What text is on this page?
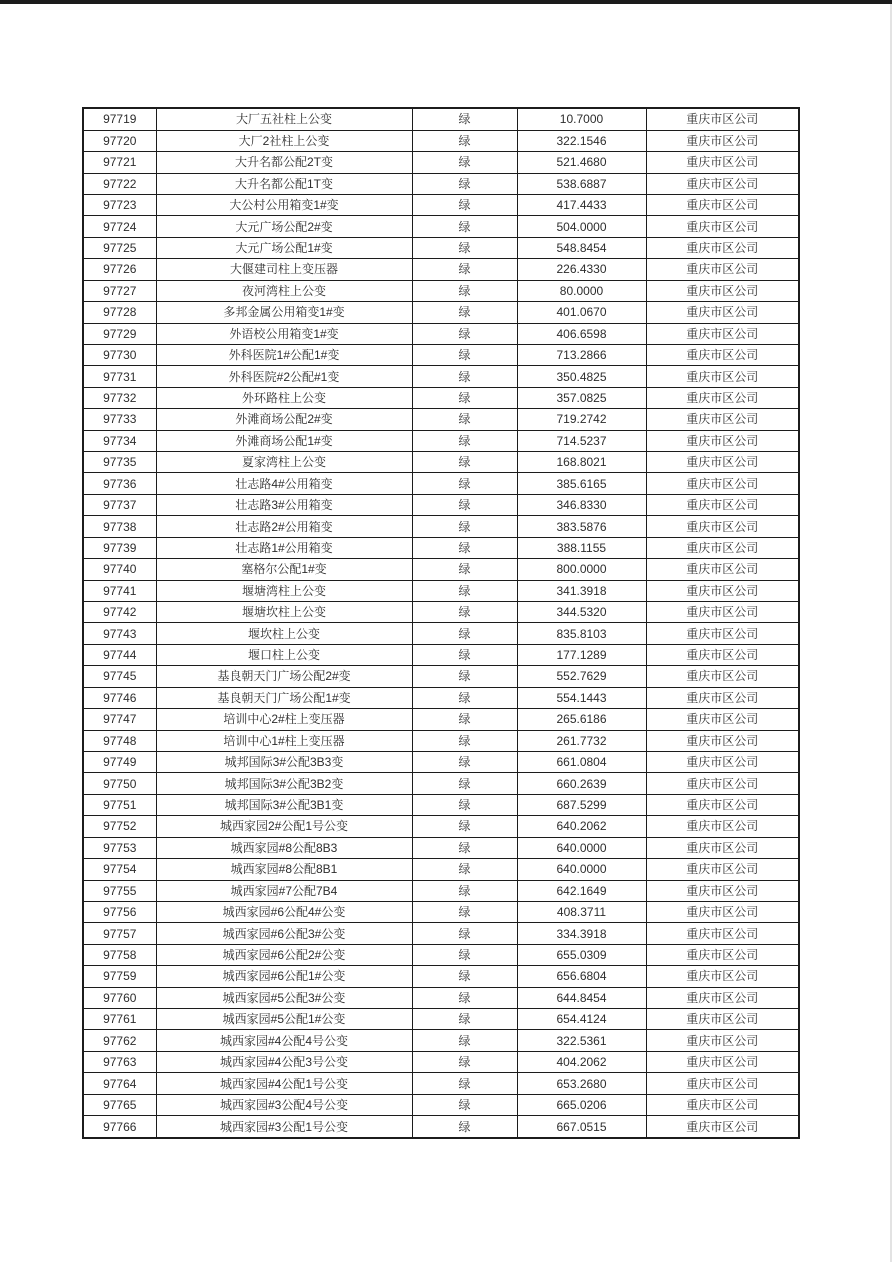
97719	大厂五社柱上公变	绿	10.7000	重庆市区公司
97720	大厂2社柱上公变	绿	322.1546	重庆市区公司
97721	大升名都公配2T变	绿	521.4680	重庆市区公司
97722	大升名都公配1T变	绿	538.6887	重庆市区公司
97723	大公村公用箱变1#变	绿	417.4433	重庆市区公司
97724	大元广场公配2#变	绿	504.0000	重庆市区公司
97725	大元广场公配1#变	绿	548.8454	重庆市区公司
97726	大偃建司柱上变压器	绿	226.4330	重庆市区公司
97727	夜河湾柱上公变	绿	80.0000	重庆市区公司
97728	多邦金属公用箱变1#变	绿	401.0670	重庆市区公司
97729	外语校公用箱变1#变	绿	406.6598	重庆市区公司
97730	外科医院1#公配1#变	绿	713.2866	重庆市区公司
97731	外科医院#2公配#1变	绿	350.4825	重庆市区公司
97732	外环路柱上公变	绿	357.0825	重庆市区公司
97733	外滩商场公配2#变	绿	719.2742	重庆市区公司
97734	外滩商场公配1#变	绿	714.5237	重庆市区公司
97735	夏家湾柱上公变	绿	168.8021	重庆市区公司
97736	壮志路4#公用箱变	绿	385.6165	重庆市区公司
97737	壮志路3#公用箱变	绿	346.8330	重庆市区公司
97738	壮志路2#公用箱变	绿	383.5876	重庆市区公司
97739	壮志路1#公用箱变	绿	388.1155	重庆市区公司
97740	塞格尔公配1#变	绿	800.0000	重庆市区公司
97741	堰塘湾柱上公变	绿	341.3918	重庆市区公司
97742	堰塘坎柱上公变	绿	344.5320	重庆市区公司
97743	堰坎柱上公变	绿	835.8103	重庆市区公司
97744	堰口柱上公变	绿	177.1289	重庆市区公司
97745	基良朝天门广场公配2#变	绿	552.7629	重庆市区公司
97746	基良朝天门广场公配1#变	绿	554.1443	重庆市区公司
97747	培训中心2#柱上变压器	绿	265.6186	重庆市区公司
97748	培训中心1#柱上变压器	绿	261.7732	重庆市区公司
97749	城邦国际3#公配3B3变	绿	661.0804	重庆市区公司
97750	城邦国际3#公配3B2变	绿	660.2639	重庆市区公司
97751	城邦国际3#公配3B1变	绿	687.5299	重庆市区公司
97752	城西家园2#公配1号公变	绿	640.2062	重庆市区公司
97753	城西家园#8公配8B3	绿	640.0000	重庆市区公司
97754	城西家园#8公配8B1	绿	640.0000	重庆市区公司
97755	城西家园#7公配7B4	绿	642.1649	重庆市区公司
97756	城西家园#6公配4#公变	绿	408.3711	重庆市区公司
97757	城西家园#6公配3#公变	绿	334.3918	重庆市区公司
97758	城西家园#6公配2#公变	绿	655.0309	重庆市区公司
97759	城西家园#6公配1#公变	绿	656.6804	重庆市区公司
97760	城西家园#5公配3#公变	绿	644.8454	重庆市区公司
97761	城西家园#5公配1#公变	绿	654.4124	重庆市区公司
97762	城西家园#4公配4号公变	绿	322.5361	重庆市区公司
97763	城西家园#4公配3号公变	绿	404.2062	重庆市区公司
97764	城西家园#4公配1号公变	绿	653.2680	重庆市区公司
97765	城西家园#3公配4号公变	绿	665.0206	重庆市区公司
97766	城西家园#3公配1号公变	绿	667.0515	重庆市区公司
